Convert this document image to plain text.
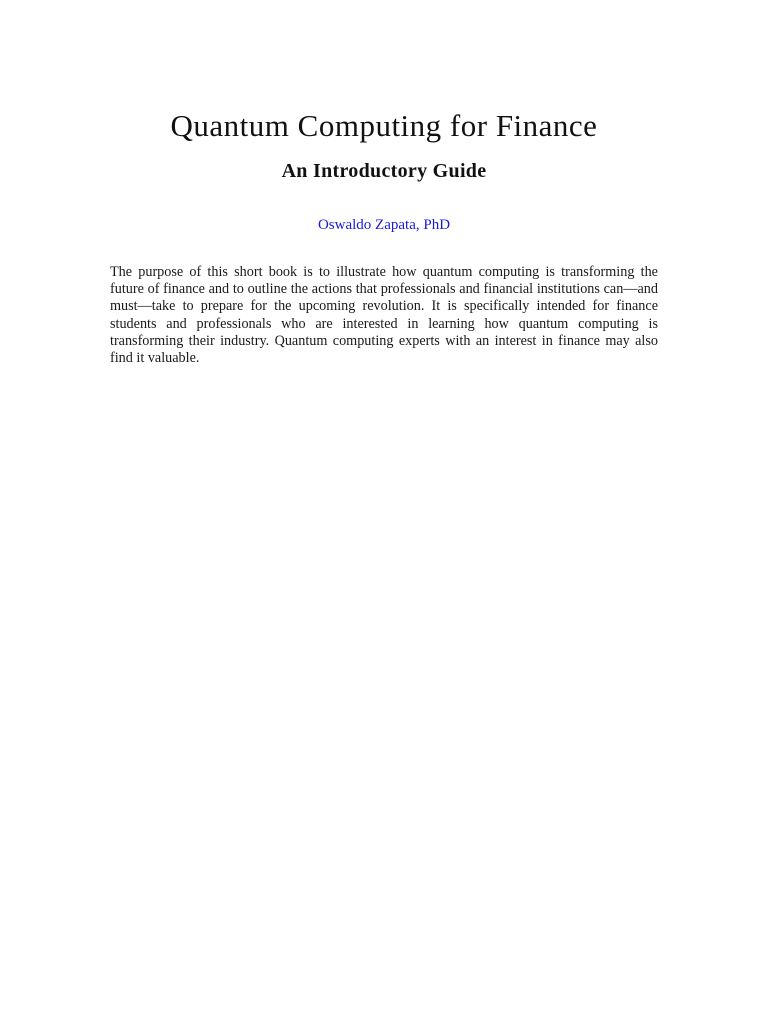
Quantum Computing for Finance
An Introductory Guide
Oswaldo Zapata, PhD

The purpose of this short book is to illustrate how quantum computing is transforming the future of finance and to outline the actions that professionals and financial institutions can—and must—take to prepare for the upcoming revolution. It is specifically intended for finance students and professionals who are interested in learning how quantum computing is transforming their industry. Quantum computing experts with an interest in finance may also find it valuable.
